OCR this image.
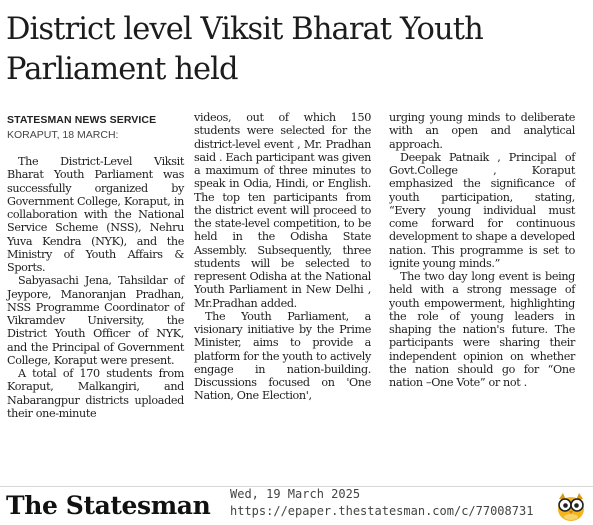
District level Viksit Bharat Youth Parliament held
STATESMAN NEWS SERVICE
KORAPUT, 18 MARCH:

The District-Level Viksit Bharat Youth Parliament was successfully organized by Government College, Koraput, in collaboration with the National Service Scheme (NSS), Nehru Yuva Kendra (NYK), and the Ministry of Youth Affairs & Sports.

Sabyasachi Jena, Tahsildar of Jeypore, Manoranjan Pradhan, NSS Programme Coordinator of Vikramdev University, the District Youth Officer of NYK, and the Principal of Government College, Koraput were present.

A total of 170 students from Koraput, Malkangiri, and Nabarangpur districts uploaded their one-minute

videos, out of which 150 students were selected for the district-level event , Mr. Pradhan said . Each participant was given a maximum of three minutes to speak in Odia, Hindi, or English. The top ten participants from the district event will proceed to the state-level competition, to be held in the Odisha State Assembly. Subsequently, three students will be selected to represent Odisha at the National Youth Parliament in New Delhi , Mr.Pradhan added.

The Youth Parliament, a visionary initiative by the Prime Minister, aims to provide a platform for the youth to actively engage in nation-building. Discussions focused on 'One Nation, One Election',

urging young minds to deliberate with an open and analytical approach.

Deepak Patnaik , Principal of Govt.College , Koraput emphasized the significance of youth participation, stating, “Every young individual must come forward for continuous development to shape a developed nation. This programme is set to ignite young minds.”

The two day long event is being held with a strong message of youth empowerment, highlighting the role of young leaders in shaping the nation's future. The participants were sharing their independent opinion on whether the nation should go for “One nation –One Vote” or not .

The Statesman Wed, 19 March 2025
https://epaper.thestatesman.com/c/77008731
